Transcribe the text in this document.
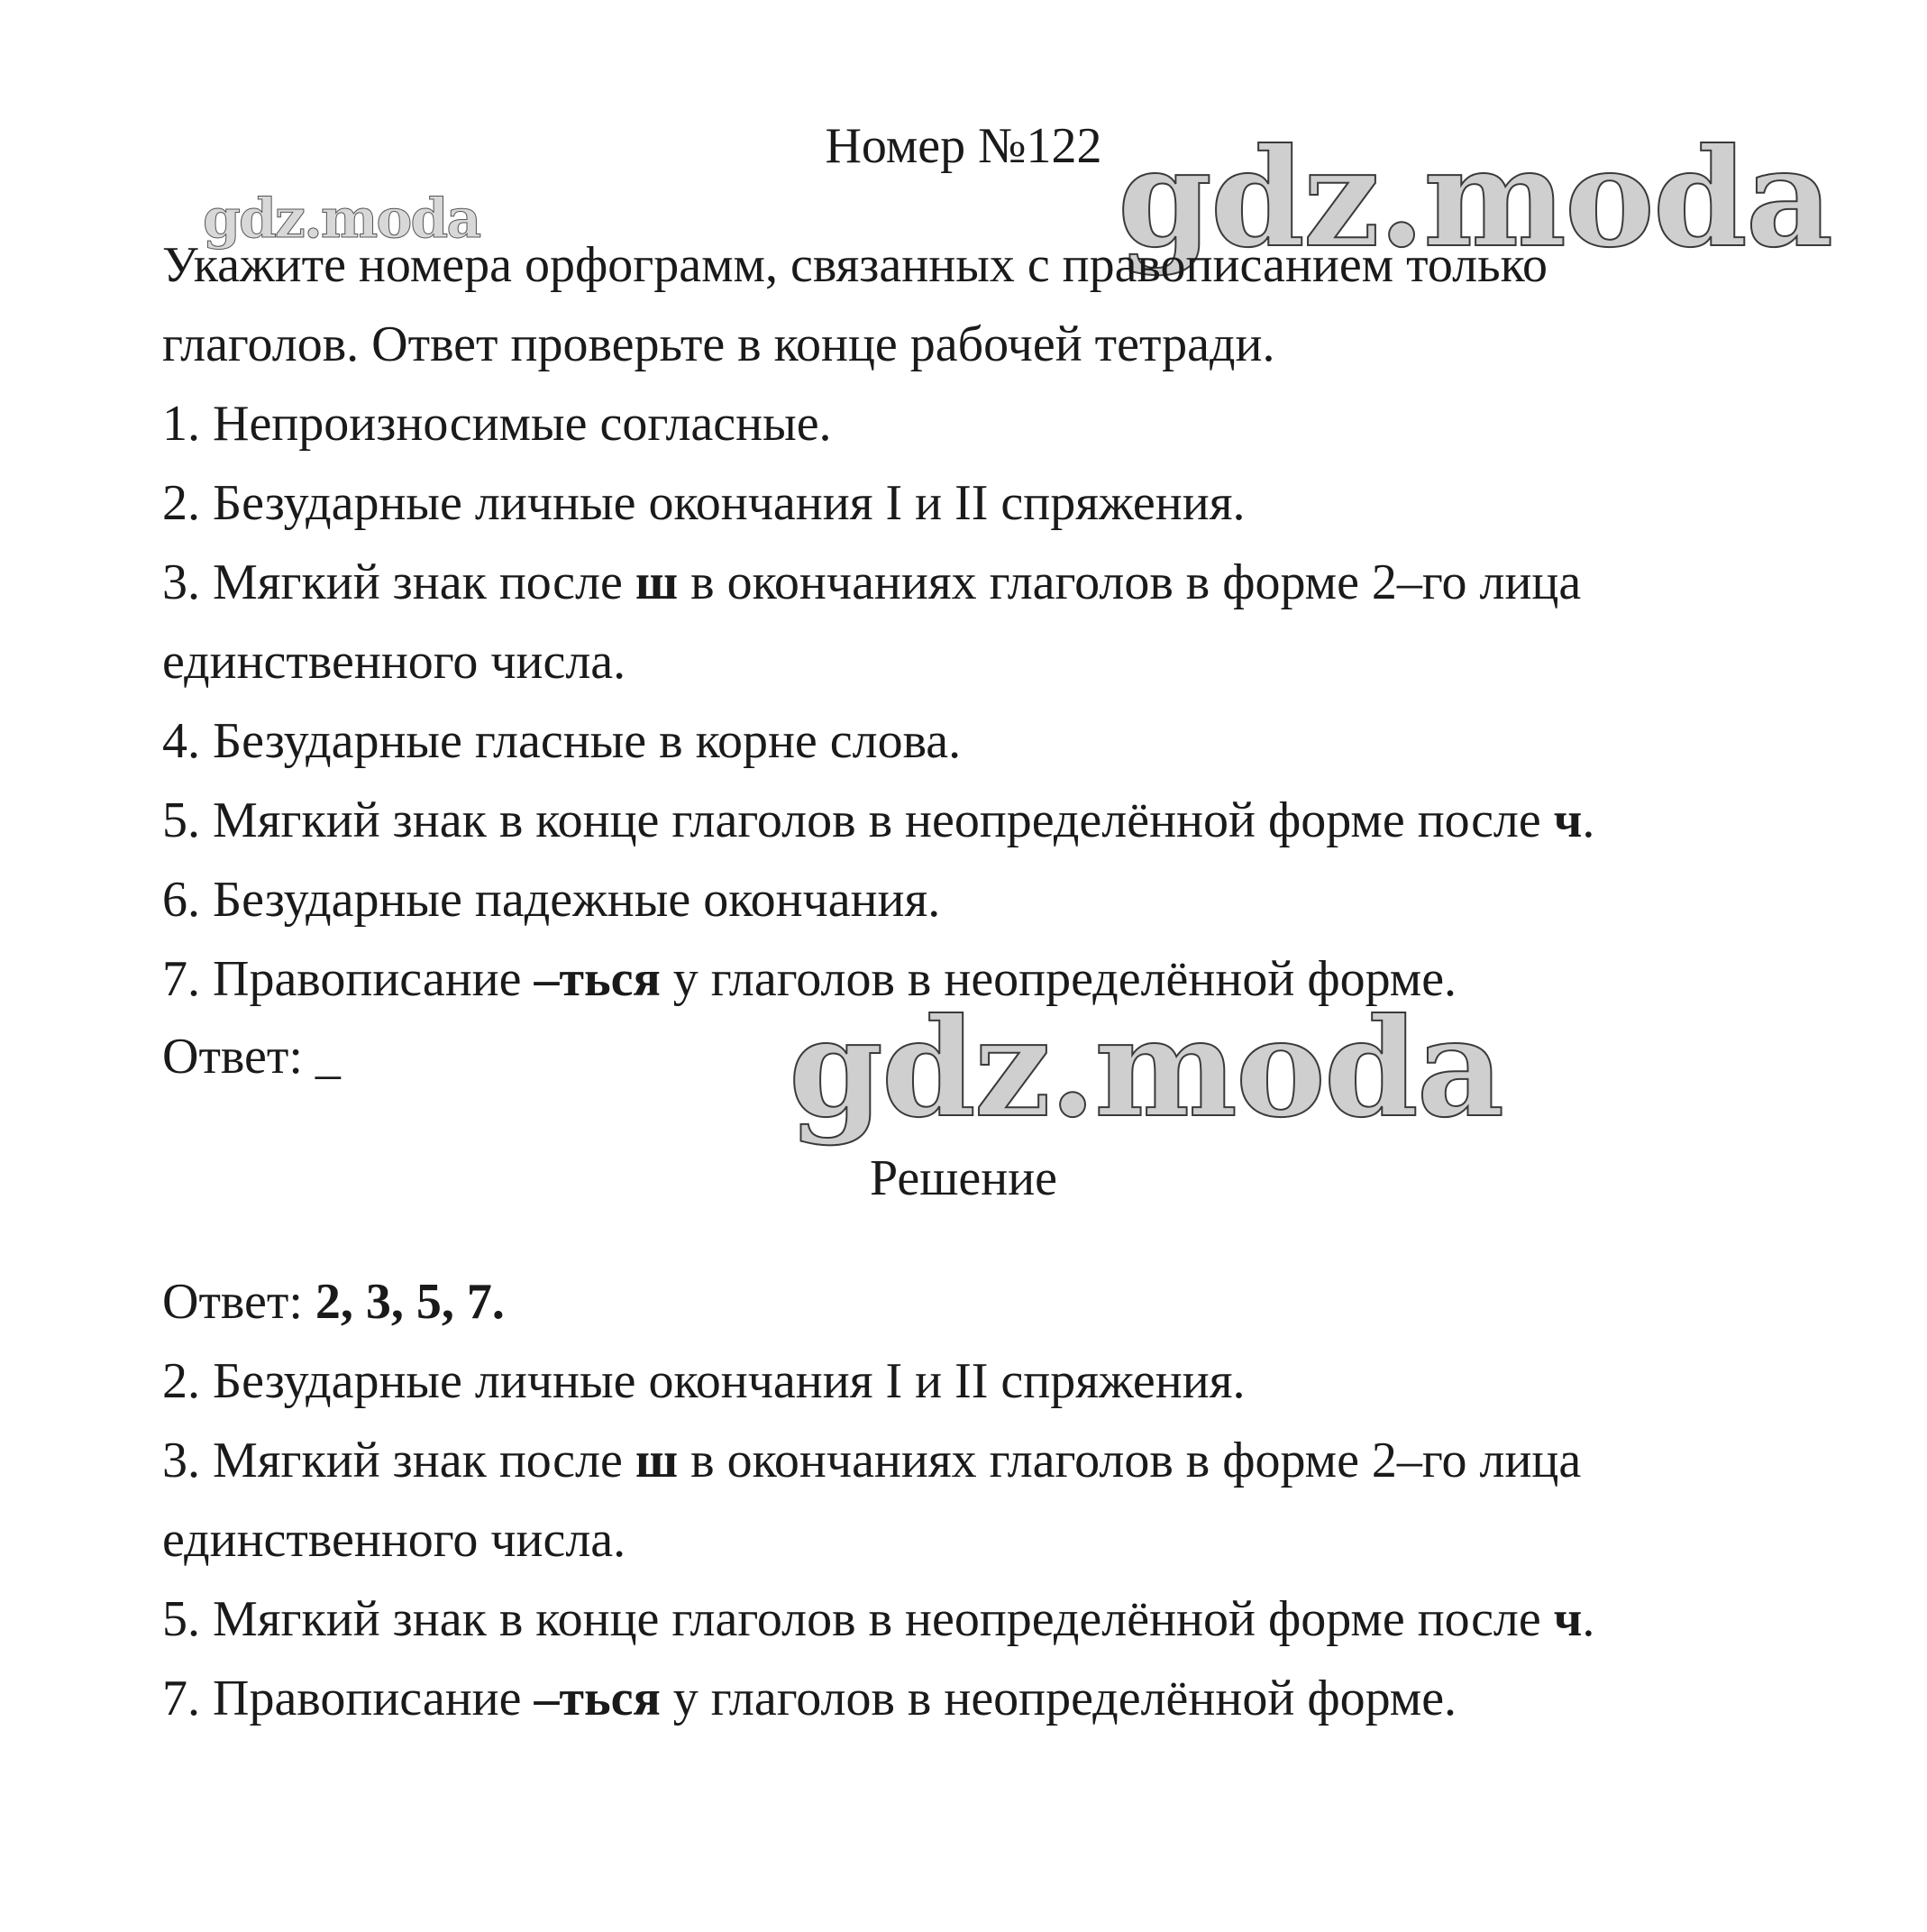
Номер №122 gdz.moda
gdz.moda
Укажите номера орфограмм, связанных с правописанием только
глаголов. Ответ проверьте в конце рабочей тетради.
1. Непроизносимые согласные.
2. Безударные личные окончания I и II спряжения.
3. Мягкий знак после ш в окончаниях глаголов в форме 2–го лица
единственного числа.
4. Безударные гласные в корне слова.
5. Мягкий знак в конце глаголов в неопределённой форме после ч.
6. Безударные падежные окончания.
7. Правописание –ться у глаголов в неопределённой форме.
Ответ: _	gdz.moda
Решение
Ответ: 2, 3, 5, 7.
2. Безударные личные окончания I и II спряжения.
3. Мягкий знак после ш в окончаниях глаголов в форме 2–го лица
единственного числа.
5. Мягкий знак в конце глаголов в неопределённой форме после ч.
7. Правописание –ться у глаголов в неопределённой форме.
